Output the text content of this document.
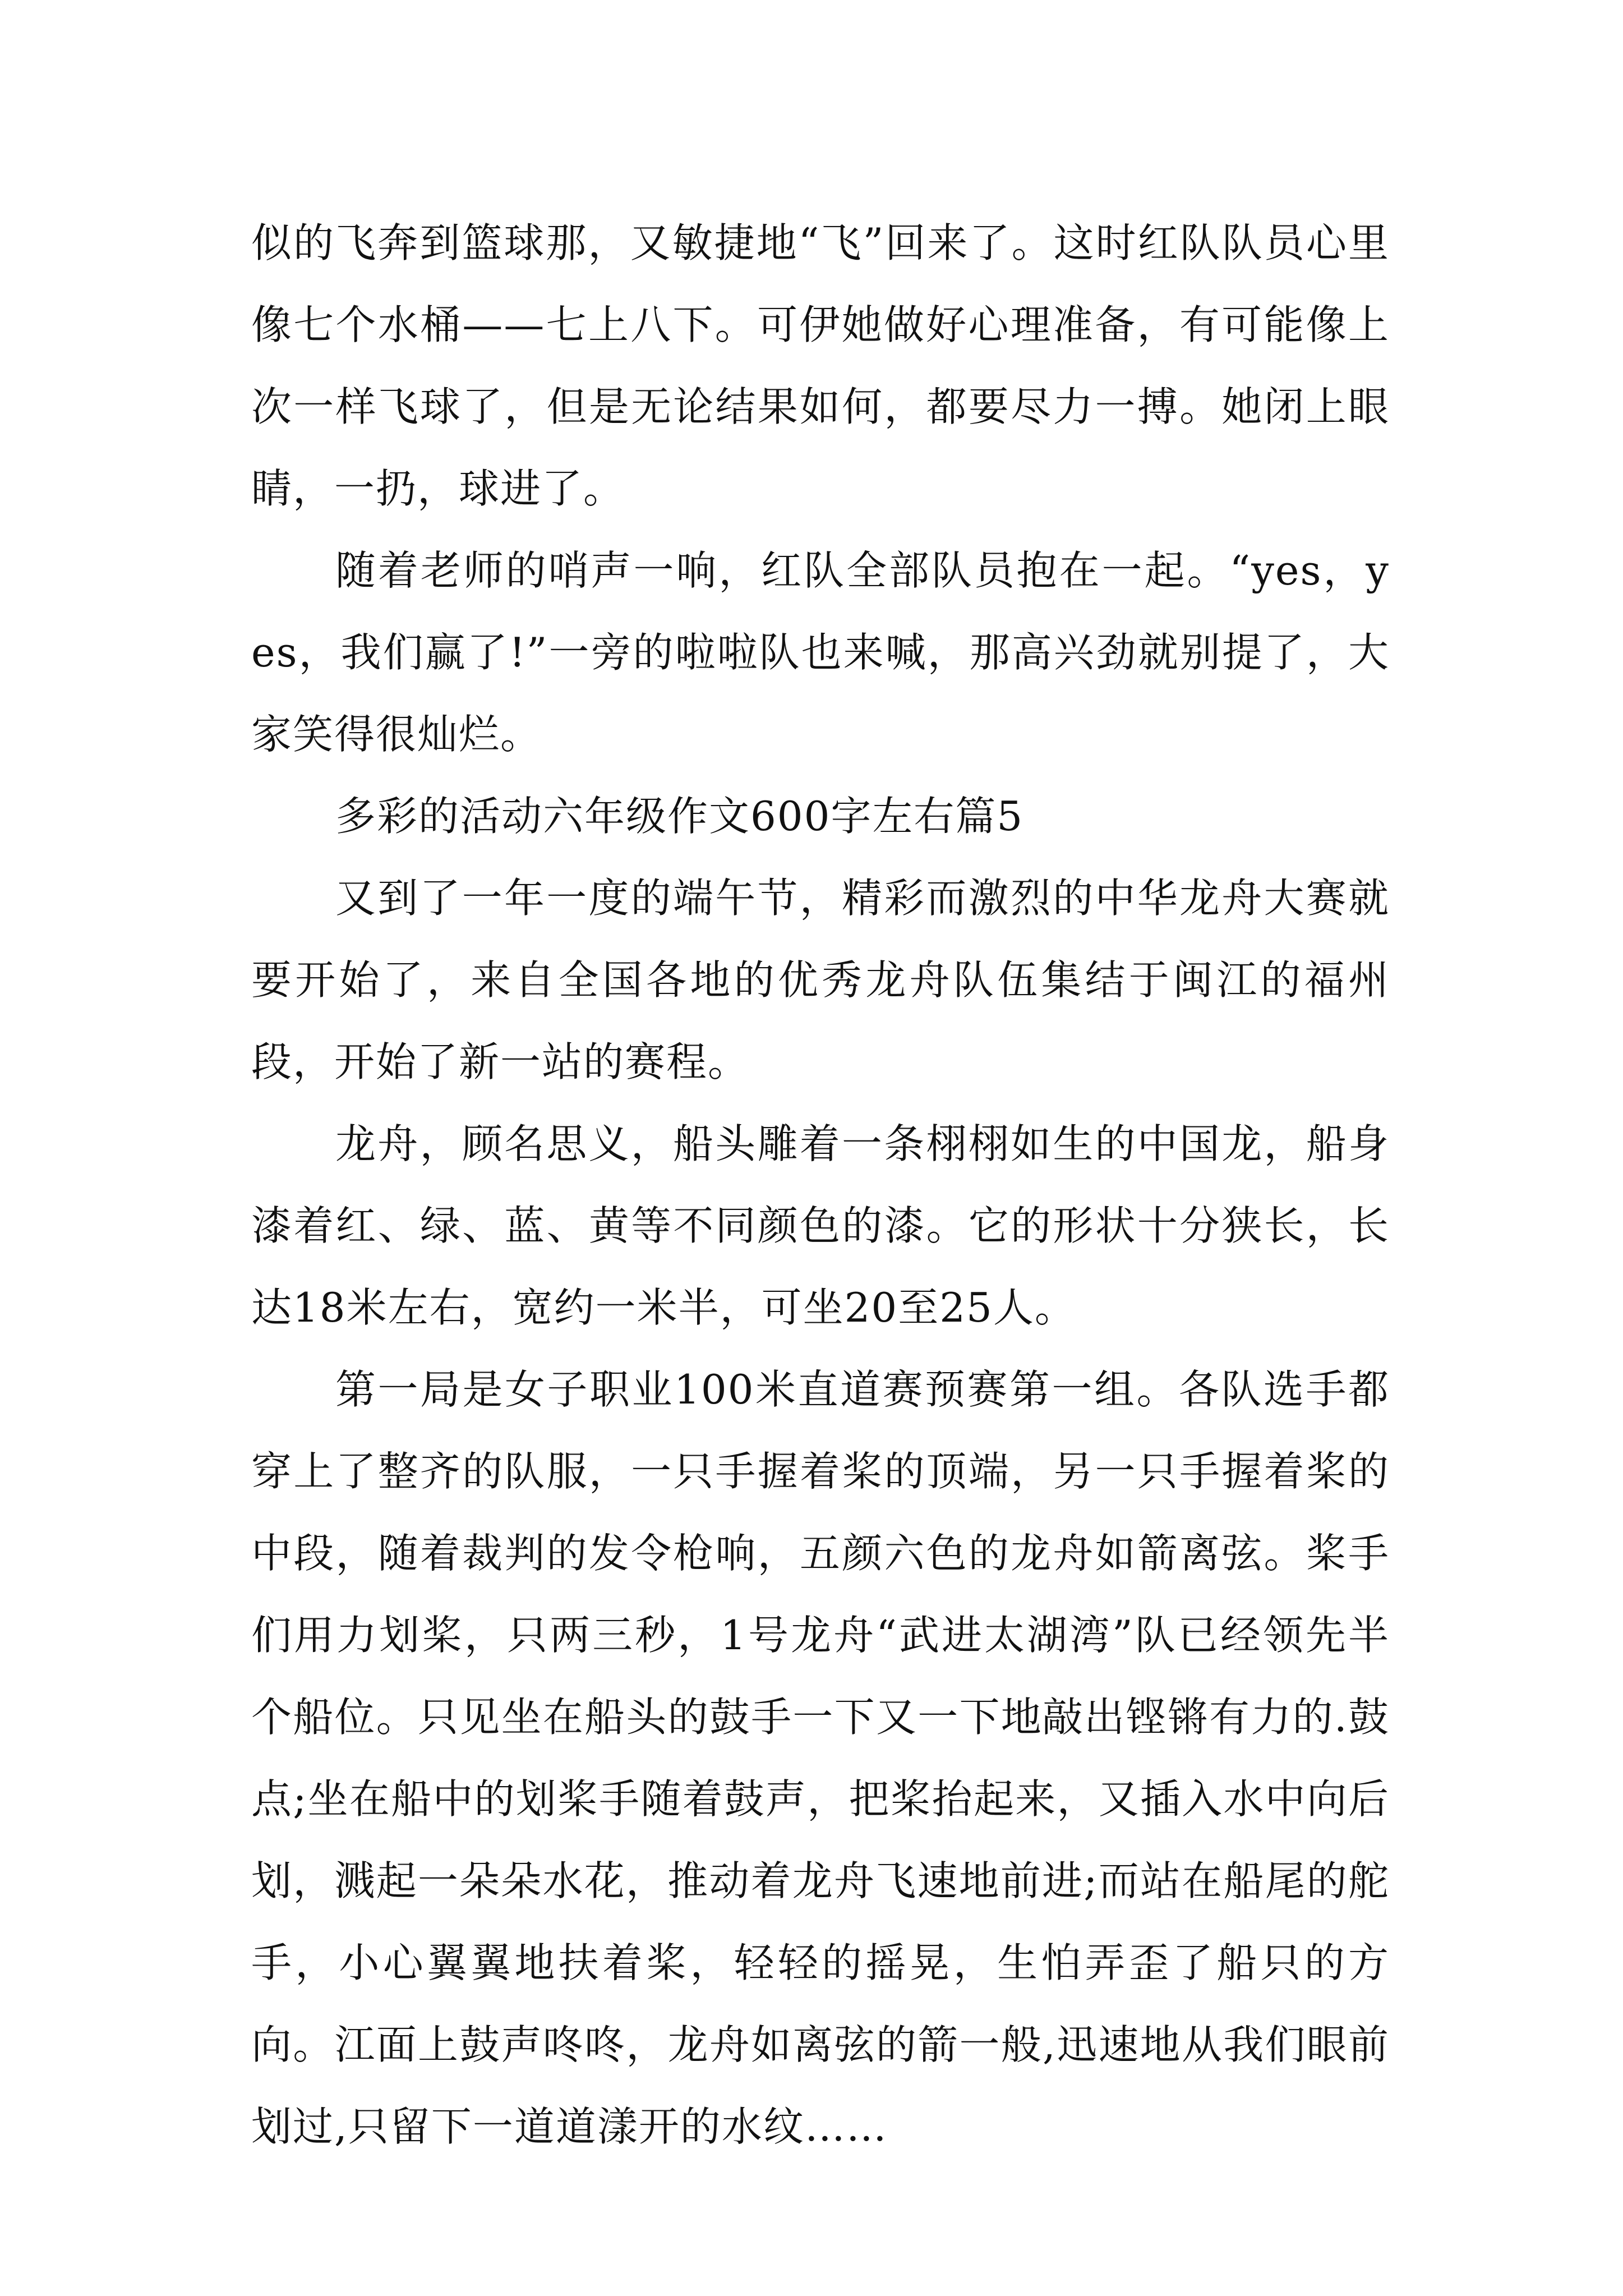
似的飞奔到篮球那，又敏捷地“飞”回来了。这时红队队员心里像七个水桶——七上八下。可伊她做好心理准备，有可能像上次一样飞球了，但是无论结果如何，都要尽力一搏。她闭上眼睛，一扔，球进了。

随着老师的哨声一响，红队全部队员抱在一起。“yes，yes，我们赢了!”一旁的啦啦队也来喊，那高兴劲就别提了，大家笑得很灿烂。

多彩的活动六年级作文600字左右篇5

又到了一年一度的端午节，精彩而激烈的中华龙舟大赛就要开始了，来自全国各地的优秀龙舟队伍集结于闽江的福州段，开始了新一站的赛程。

龙舟，顾名思义，船头雕着一条栩栩如生的中国龙，船身漆着红、绿、蓝、黄等不同颜色的漆。它的形状十分狭长，长达18米左右，宽约一米半，可坐20至25人。

第一局是女子职业100米直道赛预赛第一组。各队选手都穿上了整齐的队服，一只手握着桨的顶端，另一只手握着桨的中段，随着裁判的发令枪响，五颜六色的龙舟如箭离弦。桨手们用力划桨，只两三秒，1号龙舟“武进太湖湾”队已经领先半个船位。只见坐在船头的鼓手一下又一下地敲出铿锵有力的.鼓点;坐在船中的划桨手随着鼓声，把桨抬起来，又插入水中向后划，溅起一朵朵水花，推动着龙舟飞速地前进;而站在船尾的舵手，小心翼翼地扶着桨，轻轻的摇晃，生怕弄歪了船只的方向。江面上鼓声咚咚，龙舟如离弦的箭一般,迅速地从我们眼前划过,只留下一道道漾开的水纹……
